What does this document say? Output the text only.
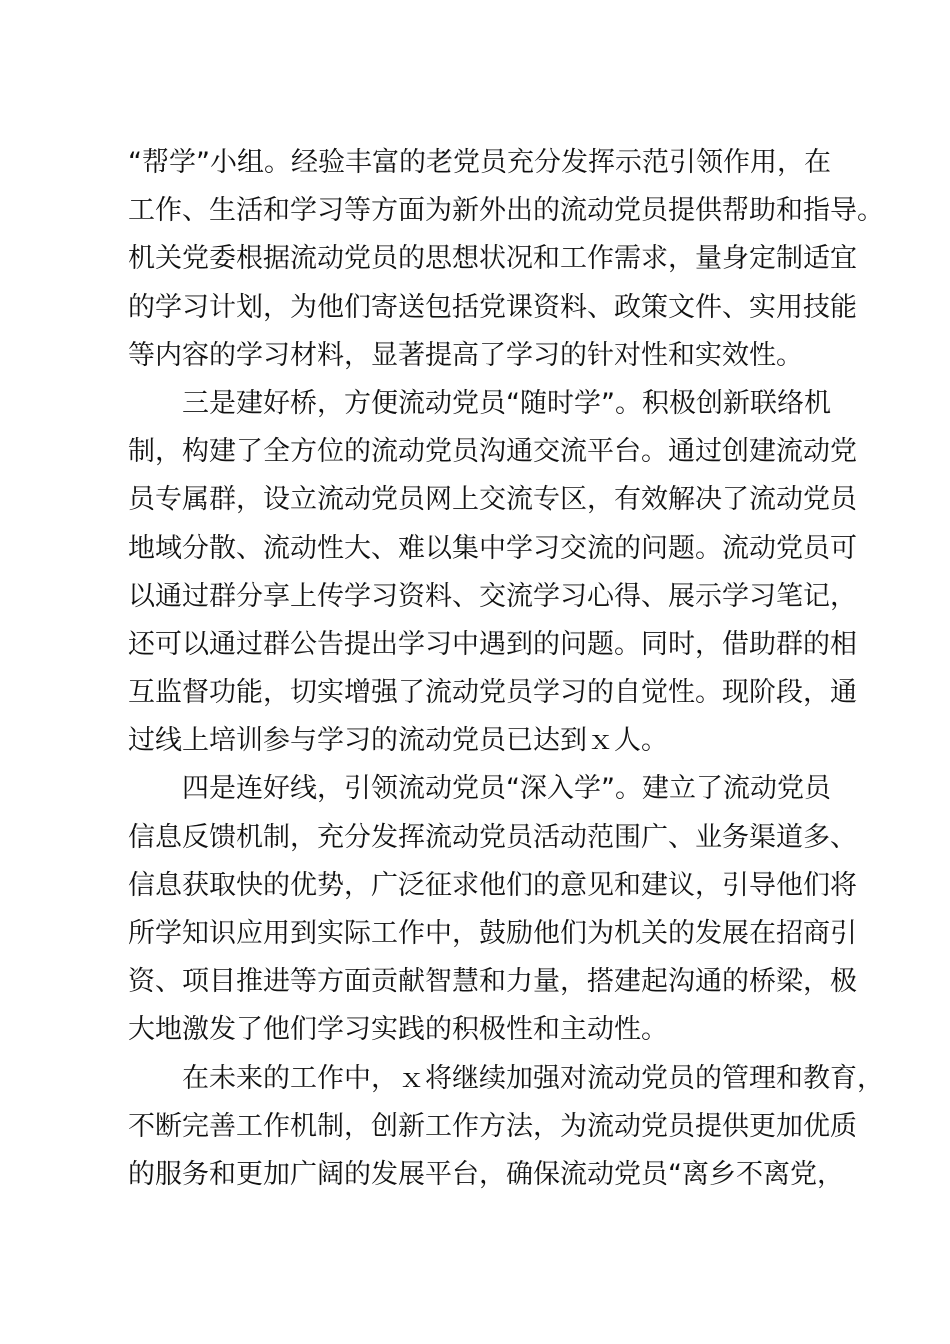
“帮学”小组。经验丰富的老党员充分发挥示范引领作用，在
工作、生活和学习等方面为新外出的流动党员提供帮助和指导。
机关党委根据流动党员的思想状况和工作需求，量身定制适宜
的学习计划，为他们寄送包括党课资料、政策文件、实用技能
等内容的学习材料，显著提高了学习的针对性和实效性。
三是建好桥，方便流动党员“随时学”。积极创新联络机
制，构建了全方位的流动党员沟通交流平台。通过创建流动党
员专属群，设立流动党员网上交流专区，有效解决了流动党员
地域分散、流动性大、难以集中学习交流的问题。流动党员可
以通过群分享上传学习资料、交流学习心得、展示学习笔记，
还可以通过群公告提出学习中遇到的问题。同时，借助群的相
互监督功能，切实增强了流动党员学习的自觉性。现阶段，通
过线上培训参与学习的流动党员已达到ｘ人。
四是连好线，引领流动党员“深入学”。建立了流动党员
信息反馈机制，充分发挥流动党员活动范围广、业务渠道多、
信息获取快的优势，广泛征求他们的意见和建议，引导他们将
所学知识应用到实际工作中，鼓励他们为机关的发展在招商引
资、项目推进等方面贡献智慧和力量，搭建起沟通的桥梁，极
大地激发了他们学习实践的积极性和主动性。
在未来的工作中，ｘ将继续加强对流动党员的管理和教育，
不断完善工作机制，创新工作方法，为流动党员提供更加优质
的服务和更加广阔的发展平台，确保流动党员“离乡不离党，
